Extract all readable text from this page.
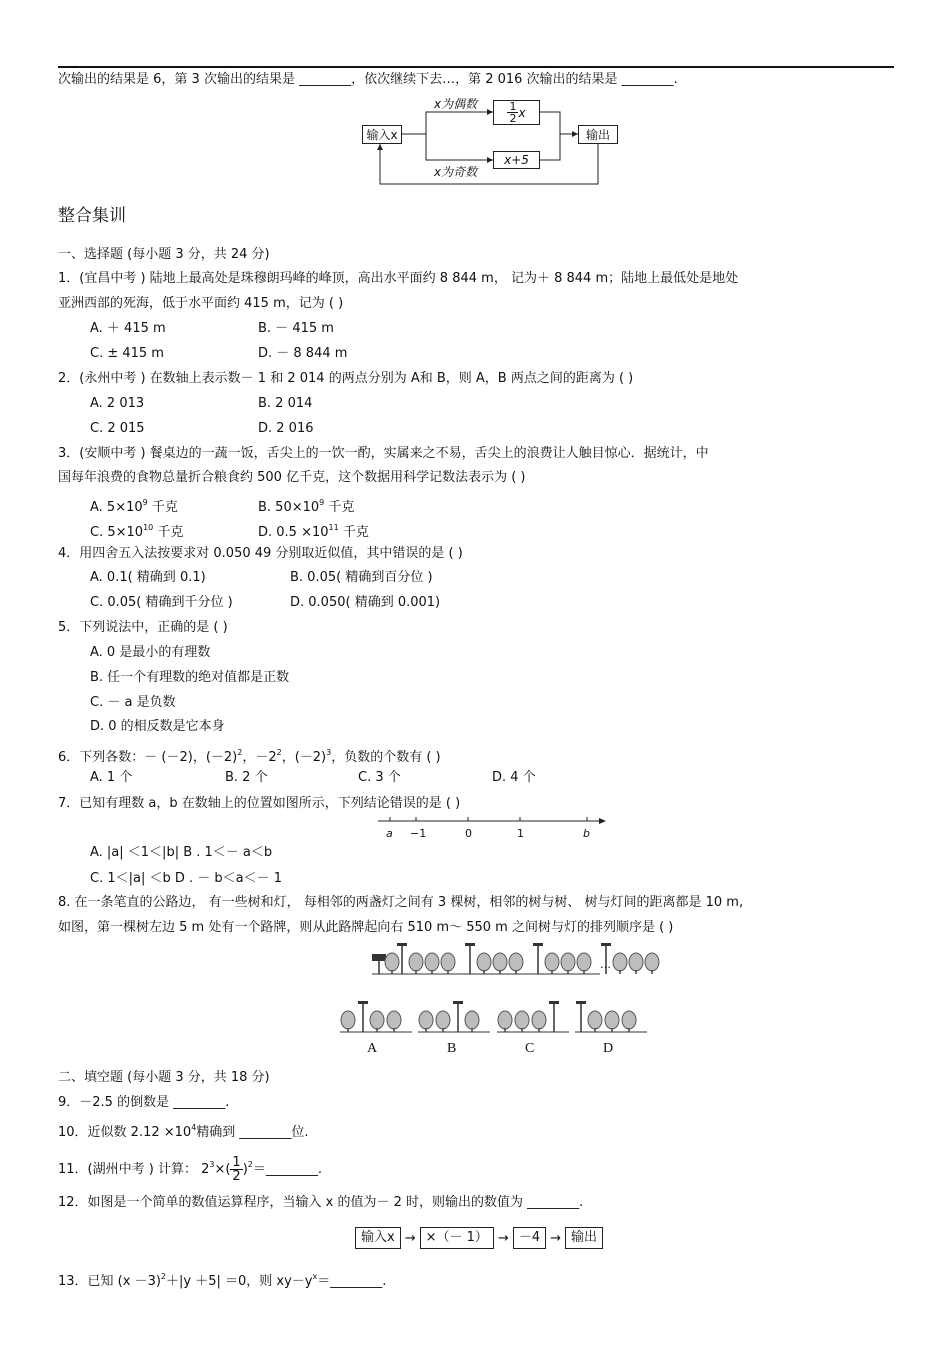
次输出的结果是 6，第 3 次输出的结果是 ________，依次继续下去…，第 2 016 次输出的结果是 ________.
输入x	输出
$\frac{1}{2}$ x
x+5
x为偶数
x为奇数
整合集训
一、选择题 (每小题 3 分，共 24 分)
1．(宜昌中考 ) 陆地上最高处是珠穆朗玛峰的峰顶，高出水平面约 8 844 m， 记为＋ 8 844 m；陆地上最低处是地处
亚洲西部的死海，低于水平面约 415 m，记为 ( )
A. ＋ 415 m	B. － 415 m
C. ± 415 m	D. － 8 844 m
2．(永州中考 ) 在数轴上表示数－ 1 和 2 014 的两点分别为 A和 B，则 A，B 两点之间的距离为 ( )
A. 2 013	B. 2 014
C. 2 015	D. 2 016
3．(安顺中考 ) 餐桌边的一蔬一饭，舌尖上的一饮一酌，实属来之不易，舌尖上的浪费让人触目惊心．据统计，中
国每年浪费的食物总量折合粮食约 500 亿千克，这个数据用科学记数法表示为 ( )
A. $5\times 10^9$ 千克	B. $50\times 10^9$ 千克
C. $5\times 10^{10}$ 千克	D. $0.5 \times 10^{11}$ 千克
4．用四舍五入法按要求对 0.050 49 分别取近似值，其中错误的是 ( )
A. 0.1( 精确到 0.1)	B. 0.05( 精确到百分位 )
C. 0.05( 精确到千分位 )	D. 0.050( 精确到 0.001)
5．下列说法中，正确的是 ( )
A. 0 是最小的有理数
B. 任一个有理数的绝对值都是正数
C. － a 是负数
D. 0 的相反数是它本身
6．下列各数：－ (－2)，$(-2)^2$，$-2^2$，$(-2)^3$，负数的个数有 ( )
A. 1 个	B. 2 个	C. 3 个	D. 4 个
7．已知有理数 a，b 在数轴上的位置如图所示，下列结论错误的是 ( )
a −1	0	1	b
A. |a| ＜1＜|b| B . 1＜－ a＜b
C. 1＜|a| ＜b D . － b＜a＜－ 1
8. 在一条笔直的公路边， 有一些树和灯， 每相邻的两盏灯之间有 3 棵树，相邻的树与树、 树与灯间的距离都是 10 m,
如图，第一棵树左边 5 m 处有一个路牌，则从此路牌起向右 510 m～ 550 m 之间树与灯的排列顺序是 ( )
…
A	B	C	D
二、填空题 (每小题 3 分，共 18 分)
9．－2.5 的倒数是 ________.
10．近似数 $2.12 \times 10^4$精确到 ________位.
11．(湖州中考 ) 计算： $2^3\times( \frac{1}{2}$ )$^2=\_\_\_\_\_\_\_\_$.
12．如图是一个简单的数值运算程序，当输入 x 的值为－ 2 时，则输出的数值为 ________.
输入x → ×（－ 1） → －4 → 输出
13．已知 $(x -3)^2+|y +5| =0$，则 $xy-y^x=\_\_\_\_\_\_\_\_$.
